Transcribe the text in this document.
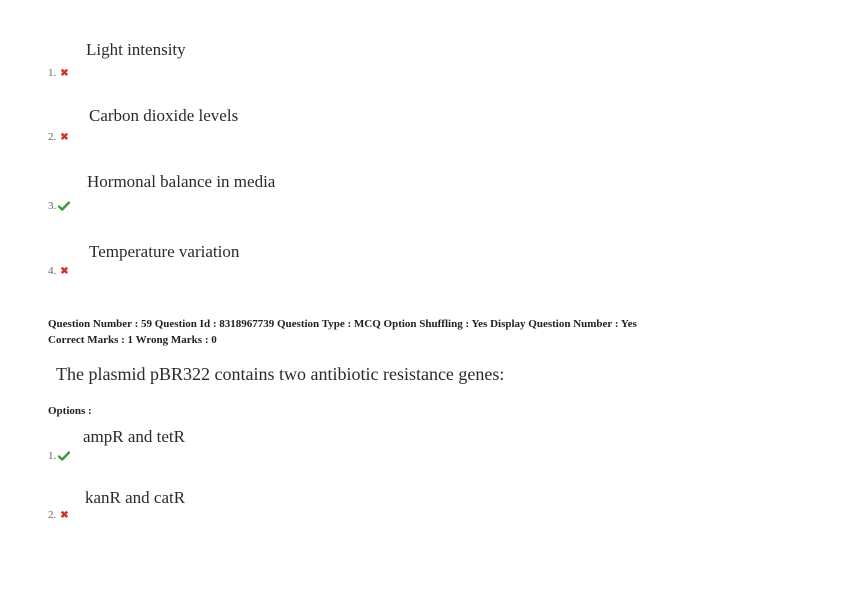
Light intensity
1. ✖
Carbon dioxide levels
2. ✖
Hormonal balance in media
3.
Temperature variation
4. ✖
Question Number : 59 Question Id : 8318967739 Question Type : MCQ Option Shuffling : Yes Display Question Number : Yes
Correct Marks : 1 Wrong Marks : 0
The plasmid pBR322 contains two antibiotic resistance genes:
Options :
ampR and tetR
1.
kanR and catR
2. ✖
